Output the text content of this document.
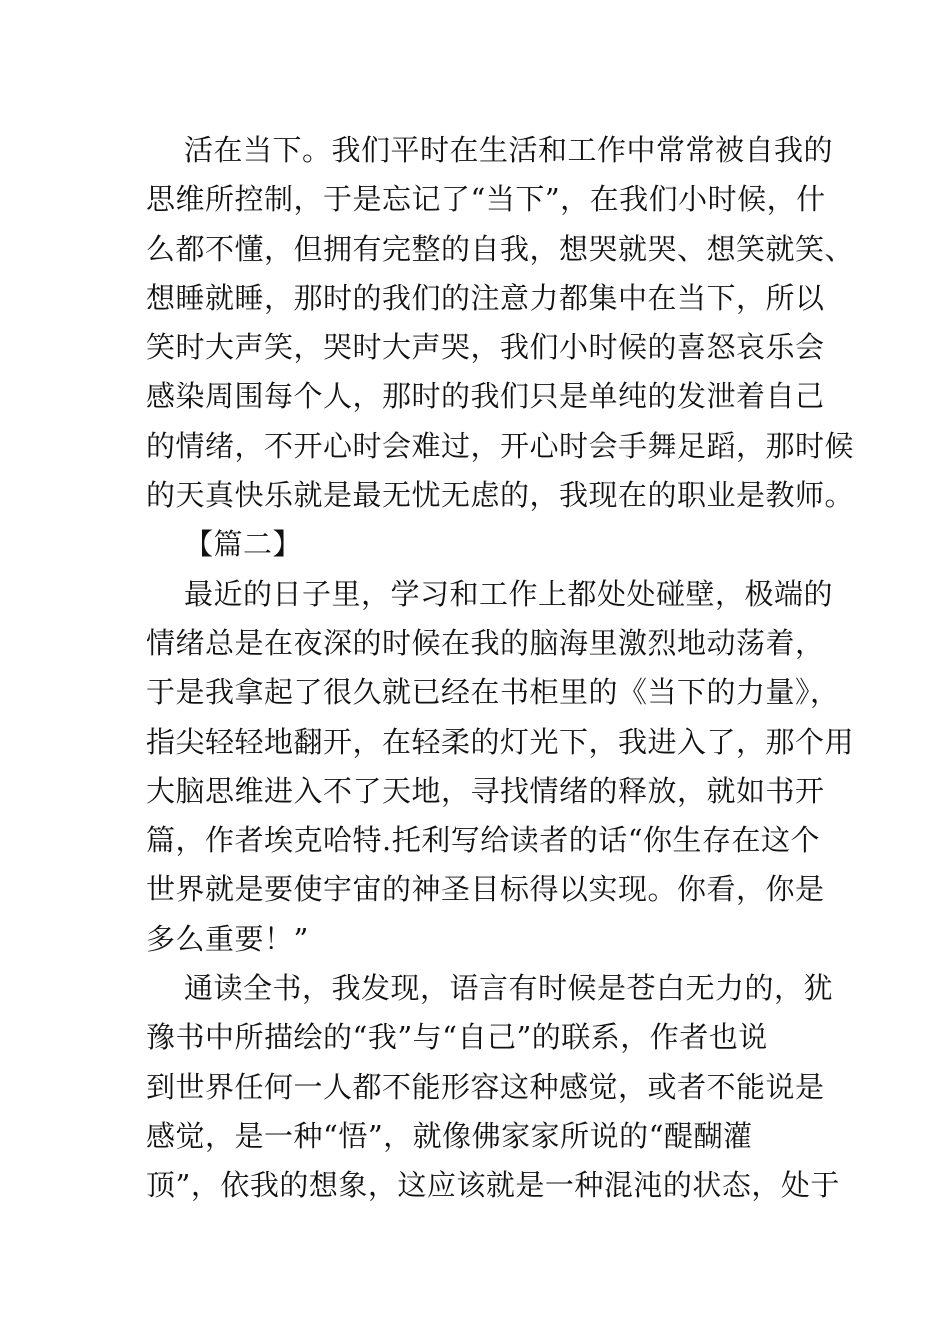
活在当下。我们平时在生活和工作中常常被自我的
思维所控制，于是忘记了“当下”，在我们小时候，什
么都不懂，但拥有完整的自我，想哭就哭、想笑就笑、
想睡就睡，那时的我们的注意力都集中在当下，所以
笑时大声笑，哭时大声哭，我们小时候的喜怒哀乐会
感染周围每个人，那时的我们只是单纯的发泄着自己
的情绪，不开心时会难过，开心时会手舞足蹈，那时候
的天真快乐就是最无忧无虑的，我现在的职业是教师。
【篇二】
最近的日子里，学习和工作上都处处碰壁，极端的
情绪总是在夜深的时候在我的脑海里激烈地动荡着，
于是我拿起了很久就已经在书柜里的《当下的力量》，
指尖轻轻地翻开，在轻柔的灯光下，我进入了，那个用
大脑思维进入不了天地，寻找情绪的释放，就如书开
篇，作者埃克哈特.托利写给读者的话“你生存在这个
世界就是要使宇宙的神圣目标得以实现。你看，你是
多么重要！”
通读全书，我发现，语言有时候是苍白无力的，犹
豫书中所描绘的“我”与“自己”的联系，作者也说
到世界任何一人都不能形容这种感觉，或者不能说是
感觉，是一种“悟”，就像佛家家所说的“醍醐灌
顶”，依我的想象，这应该就是一种混沌的状态，处于
